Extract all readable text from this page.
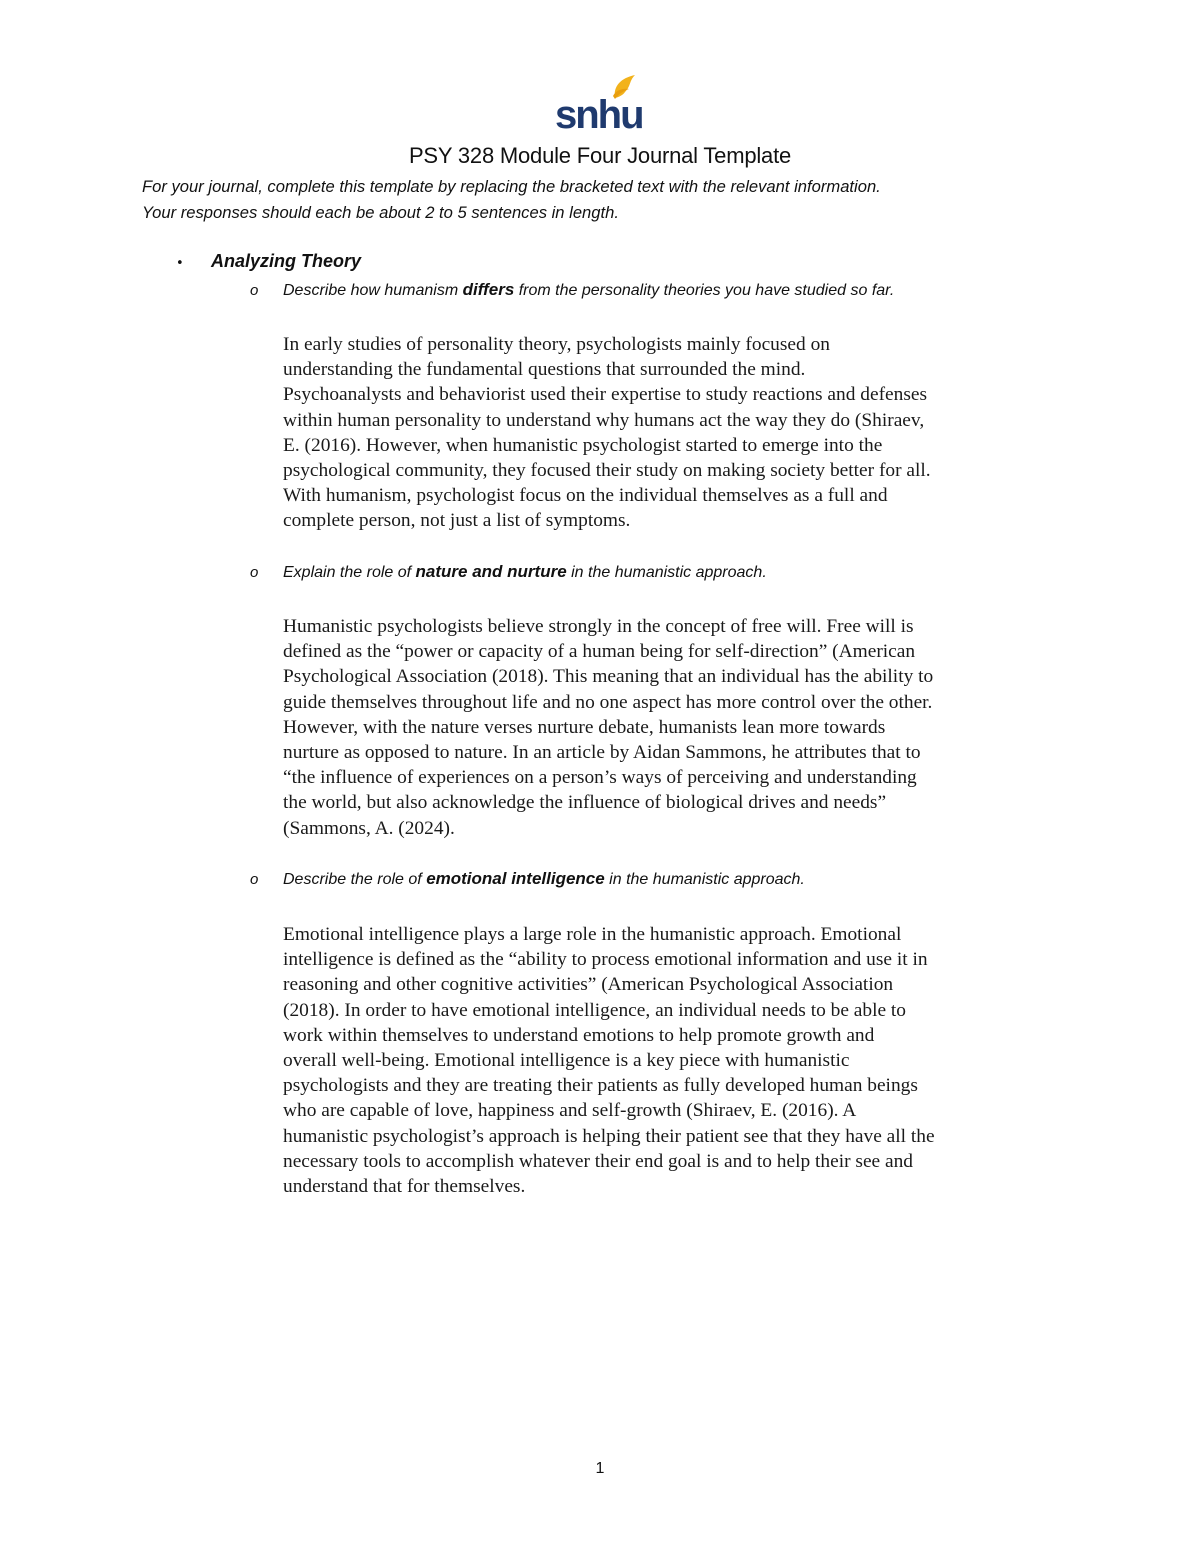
snhu
PSY 328 Module Four Journal Template

For your journal, complete this template by replacing the bracketed text with the relevant information.

Your responses should each be about 2 to 5 sentences in length.

• Analyzing Theory
o Describe how humanism differs from the personality theories you have studied so far.

In early studies of personality theory, psychologists mainly focused on

understanding the fundamental questions that surrounded the mind.

Psychoanalysts and behaviorist used their expertise to study reactions and defenses

within human personality to understand why humans act the way they do (Shiraev,

E. (2016). However, when humanistic psychologist started to emerge into the

psychological community, they focused their study on making society better for all.

With humanism, psychologist focus on the individual themselves as a full and

complete person, not just a list of symptoms.

o Explain the role of nature and nurture in the humanistic approach.

Humanistic psychologists believe strongly in the concept of free will. Free will is

defined as the “power or capacity of a human being for self-direction” (American

Psychological Association (2018). This meaning that an individual has the ability to

guide themselves throughout life and no one aspect has more control over the other.

However, with the nature verses nurture debate, humanists lean more towards

nurture as opposed to nature. In an article by Aidan Sammons, he attributes that to

“the influence of experiences on a person’s ways of perceiving and understanding

the world, but also acknowledge the influence of biological drives and needs”

(Sammons, A. (2024).

o Describe the role of emotional intelligence in the humanistic approach.

Emotional intelligence plays a large role in the humanistic approach. Emotional

intelligence is defined as the “ability to process emotional information and use it in

reasoning and other cognitive activities” (American Psychological Association

(2018). In order to have emotional intelligence, an individual needs to be able to

work within themselves to understand emotions to help promote growth and

overall well-being. Emotional intelligence is a key piece with humanistic

psychologists and they are treating their patients as fully developed human beings

who are capable of love, happiness and self-growth (Shiraev, E. (2016). A

humanistic psychologist’s approach is helping their patient see that they have all the

necessary tools to accomplish whatever their end goal is and to help their see and

understand that for themselves.

1
